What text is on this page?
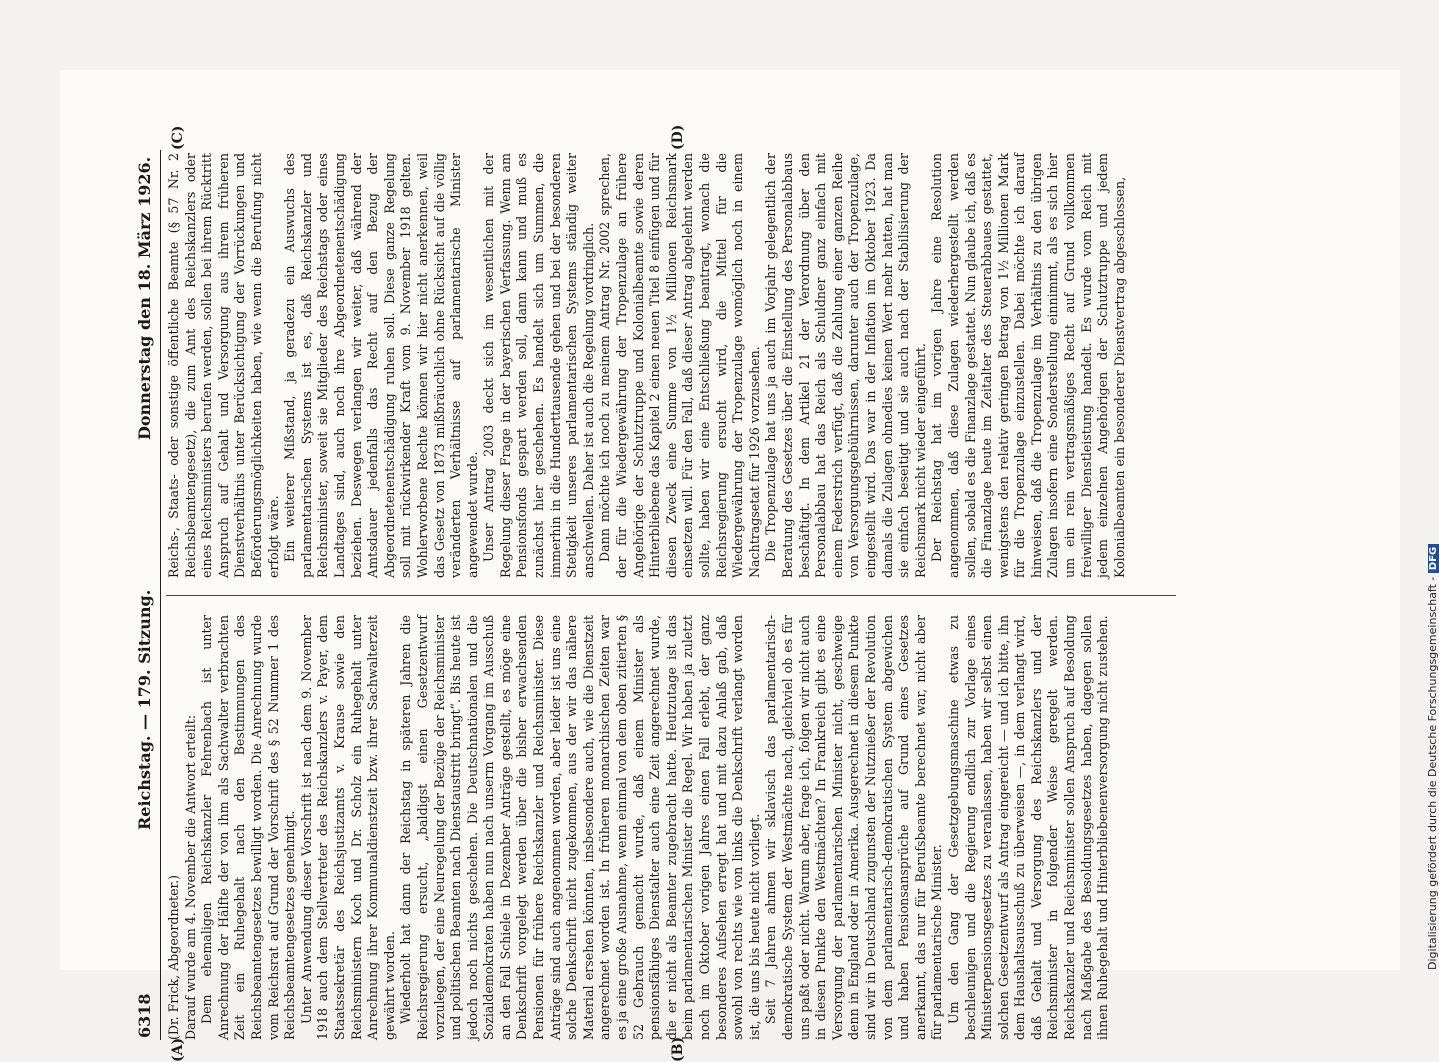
6318
Reichstag. — 179. Sitzung.
Donnerstag den 18. März 1926.
(A)	(B)
(C)	(D)

(Dr. Frick, Abgeordneter.) Darauf wurde am 4. November die Antwort erteilt: Dem ehemaligen Reichskanzler Fehrenbach ist unter Anrechnung der Hälfte der von ihm als Sachwalter verbrachten Zeit ein Ruhegehalt nach den Bestimmungen des Reichsbeamtengesetzes bewilligt worden. Die Anrechnung wurde vom Reichsrat auf Grund der Vorschrift des § 52 Nummer 1 des Reichsbeamtengesetzes genehmigt. Unter Anwendung dieser Vorschrift ist nach dem 9. November 1918 auch dem Stellvertreter des Reichskanzlers v. Payer, dem Staatssekretär des Reichsjustizamts v. Krause sowie den Reichsministern Koch und Dr. Scholz ein Ruhegehalt unter Anrechnung ihrer Kommunaldienstzeit bzw. ihrer Sachwalterzeit gewährt worden. Wiederholt hat dann der Reichstag in späteren Jahren die Reichsregierung ersucht, „baldigst einen Gesetzentwurf vorzulegen, der eine Neuregelung der Bezüge der Reichsminister und politischen Beamten nach Dienstaustritt bringt“. Bis heute ist jedoch noch nichts geschehen. Die Deutschnationalen und die Sozialdemokraten haben nun nach unserm Vorgang im Ausschuß an den Fall Schiele in Dezember Anträge gestellt, es möge eine Denkschrift vorgelegt werden über die bisher erwachsenden Pensionen für frühere Reichskanzler und Reichsminister. Diese Anträge sind auch angenommen worden, aber leider ist uns eine solche Denkschrift nicht zugekommen, aus der wir das nähere Material ersehen könnten, insbesondere auch, wie die Dienstzeit angerechnet worden ist. In früheren monarchischen Zeiten war es ja eine große Ausnahme, wenn einmal von dem oben zitierten § 52 Gebrauch gemacht wurde, daß einem Minister als pensionsfähiges Dienstalter auch eine Zeit angerechnet wurde, die er nicht als Beamter zugebracht hatte. Heutzutage ist das beim parlamentarischen Minister die Regel. Wir haben ja zuletzt noch im Oktober vorigen Jahres einen Fall erlebt, der ganz besonderes Aufsehen erregt hat und mit dazu Anlaß gab, daß sowohl von rechts wie von links die Denkschrift verlangt worden ist, die uns bis heute nicht vorliegt. Seit 7 Jahren ahmen wir sklavisch das parlamentarisch-demokratische System der Westmächte nach, gleichviel ob es für uns paßt oder nicht. Warum aber, frage ich, folgen wir nicht auch in diesen Punkte den Westmächten? In Frankreich gibt es eine Versorgung der parlamentarischen Minister nicht, geschweige denn in England oder in Amerika. Ausgerechnet in diesem Punkte sind wir in Deutschland zugunsten der Nutznießer der Revolution von dem parlamentarisch-demokratischen System abgewichen und haben Pensionsansprüche auf Grund eines Gesetzes anerkannt, das nur für Berufsbeamte berechnet war, nicht aber für parlamentarische Minister. Um den Gang der Gesetzgebungsmaschine etwas zu beschleunigen und die Regierung endlich zur Vorlage eines Ministerpensionsgesetzes zu veranlassen, haben wir selbst einen solchen Gesetzentwurf als Antrag eingereicht — und ich bitte, ihn dem Haushaltsausschuß zu überweisen —, in dem verlangt wird, daß Gehalt und Versorgung des Reichskanzlers und der Reichsminister in folgender Weise geregelt werden. Reichskanzler und Reichsminister sollen Anspruch auf Besoldung nach Maßgabe des Besoldungsgesetzes haben, dagegen sollen ihnen Ruhegehalt und Hinterbliebenenversorgung nicht zustehen.

Reichs-, Staats- oder sonstige öffentliche Beamte (§ 57 Nr. 2 Reichsbeamtengesetz), die zum Amt des Reichskanzlers oder eines Reichsministers berufen werden, sollen bei ihrem Rücktritt Anspruch auf Gehalt und Versorgung aus ihrem früheren Dienstverhältnis unter Berücksichtigung der Vorrückungen und Beförderungsmöglichkeiten haben, wie wenn die Berufung nicht erfolgt wäre. Ein weiterer Mißstand, ja geradezu ein Auswuchs des parlamentarischen Systems ist es, daß Reichskanzler und Reichsminister, soweit sie Mitglieder des Reichstags oder eines Landtages sind, auch noch ihre Abgeordnetenentschädigung beziehen. Deswegen verlangen wir weiter, daß während der Amtsdauer jedenfalls das Recht auf den Bezug der Abgeordnetenentschädigung ruhen soll. Diese ganze Regelung soll mit rückwirkender Kraft vom 9. November 1918 gelten. Wohlerworbene Rechte können wir hier nicht anerkennen, weil das Gesetz von 1873 mißbräuchlich ohne Rücksicht auf die völlig veränderten Verhältnisse auf parlamentarische Minister angewendet wurde. Unser Antrag 2003 deckt sich im wesentlichen mit der Regelung dieser Frage in der bayerischen Verfassung. Wenn am Pensionsfonds gespart werden soll, dann kann und muß es zunächst hier geschehen. Es handelt sich um Summen, die immerhin in die Hunderttausende gehen und bei der besonderen Stetigkeit unseres parlamentarischen Systems ständig weiter anschwellen. Daher ist auch die Regelung vordringlich. Dann möchte ich noch zu meinem Antrag Nr. 2002 sprechen, der für die Wiedergewährung der Tropenzulage an frühere Angehörige der Schutztruppe und Kolonialbeamte sowie deren Hinterbliebene das Kapitel 2 einen neuen Titel 8 einfügen und für diesen Zweck eine Summe von 1½ Millionen Reichsmark einsetzen will. Für den Fall, daß dieser Antrag abgelehnt werden sollte, haben wir eine Entschließung beantragt, wonach die Reichsregierung ersucht wird, die Mittel für die Wiedergewährung der Tropenzulage womöglich noch in einem Nachtragsetat für 1926 vorzusehen. Die Tropenzulage hat uns ja auch im Vorjahr gelegentlich der Beratung des Gesetzes über die Einstellung des Personalabbaus beschäftigt. In dem Artikel 21 der Verordnung über den Personalabbau hat das Reich als Schuldner ganz einfach mit einem Federstrich verfügt, daß die Zahlung einer ganzen Reihe von Versorgungsgebührnissen, darunter auch der Tropenzulage, eingestellt wird. Das war in der Inflation im Oktober 1923. Da damals die Zulagen ohnedies keinen Wert mehr hatten, hat man sie einfach beseitigt und sie auch nach der Stabilisierung der Reichsmark nicht wieder eingeführt. Der Reichstag hat im vorigen Jahre eine Resolution angenommen, daß diese Zulagen wiederhergestellt werden sollen, sobald es die Finanzlage gestattet. Nun glaube ich, daß es die Finanzlage heute im Zeitalter des Steuerabbaues gestattet, wenigstens den relativ geringen Betrag von 1½ Millionen Mark für die Tropenzulage einzustellen. Dabei möchte ich darauf hinweisen, daß die Tropenzulage im Verhältnis zu den übrigen Zulagen insofern eine Sonderstellung einnimmt, als es sich hier um ein rein vertragsmäßiges Recht auf Grund vollkommen freiwilliger Dienstleistung handelt. Es wurde vom Reich mit jedem einzelnen Angehörigen der Schutztruppe und jedem Kolonialbeamten ein besonderer Dienstvertrag abgeschlossen,

Digitalisierung gefördert durch die Deutsche Forschungsgemeinschaft - DFG
